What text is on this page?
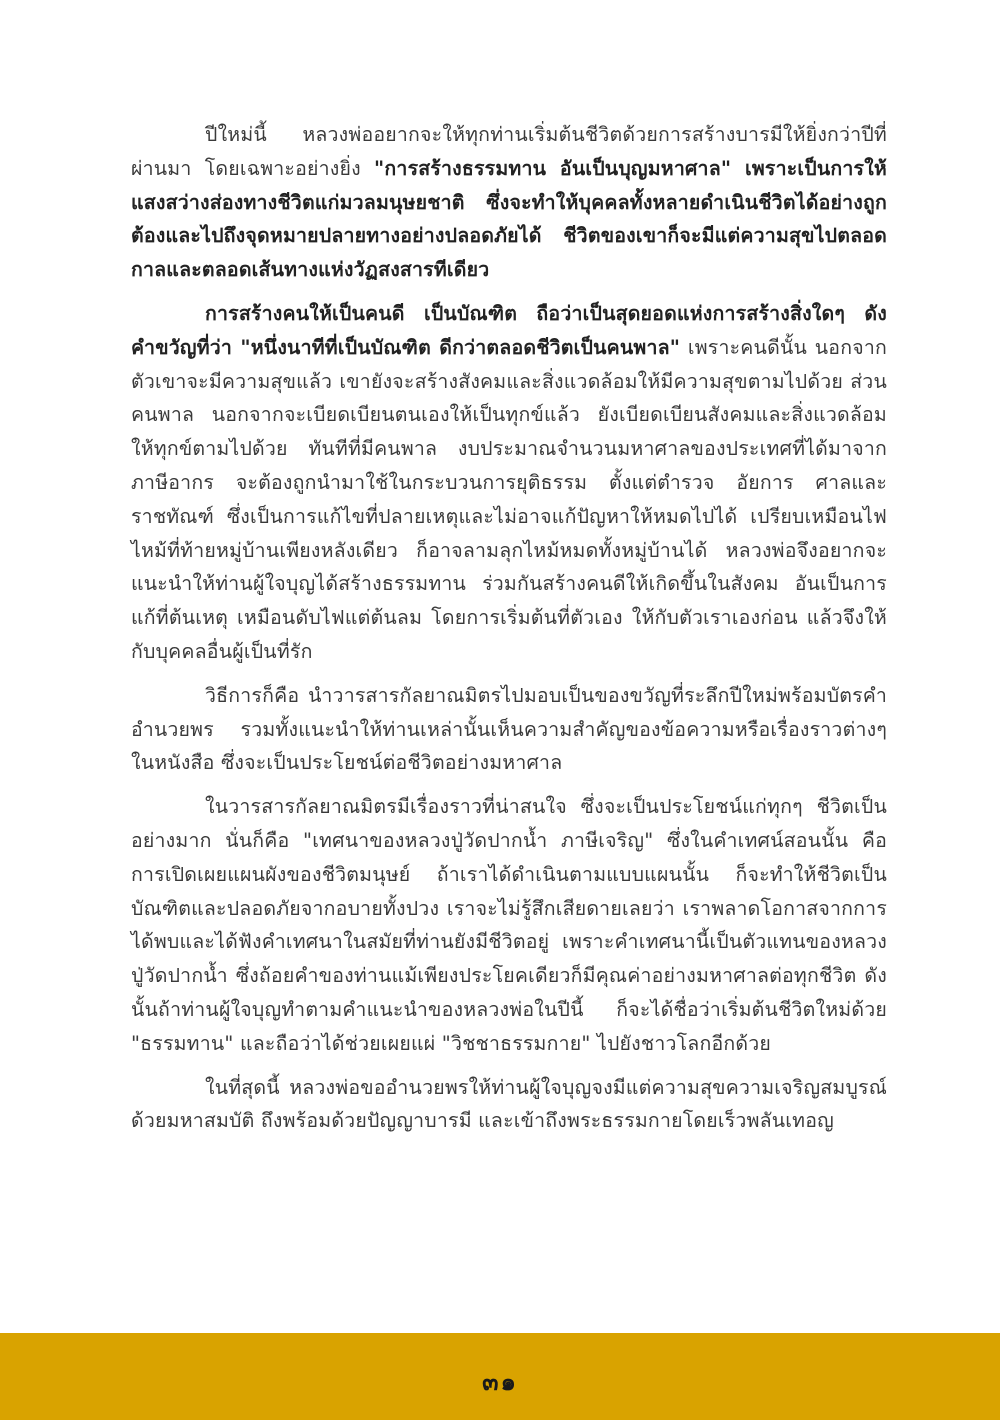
ปีใหม่นี้ หลวงพ่ออยากจะให้ทุกท่านเริ่มต้นชีวิตด้วยการสร้างบารมีให้ยิ่งกว่าปีที่ผ่านมา โดยเฉพาะอย่างยิ่ง "การสร้างธรรมทาน อันเป็นบุญมหาศาล" เพราะเป็นการให้แสงสว่างส่องทางชีวิตแก่มวลมนุษยชาติ ซึ่งจะทำให้บุคคลทั้งหลายดำเนินชีวิตได้อย่างถูกต้องและไปถึงจุดหมายปลายทางอย่างปลอดภัยได้ ชีวิตของเขาก็จะมีแต่ความสุขไปตลอดกาลและตลอดเส้นทางแห่งวัฏสงสารทีเดียว

การสร้างคนให้เป็นคนดี เป็นบัณฑิต ถือว่าเป็นสุดยอดแห่งการสร้างสิ่งใดๆ ดังคำขวัญที่ว่า "หนึ่งนาทีที่เป็นบัณฑิต ดีกว่าตลอดชีวิตเป็นคนพาล" เพราะคนดีนั้น นอกจากตัวเขาจะมีความสุขแล้ว เขายังจะสร้างสังคมและสิ่งแวดล้อมให้มีความสุขตามไปด้วย ส่วนคนพาล นอกจากจะเบียดเบียนตนเองให้เป็นทุกข์แล้ว ยังเบียดเบียนสังคมและสิ่งแวดล้อมให้ทุกข์ตามไปด้วย ทันทีที่มีคนพาล งบประมาณจำนวนมหาศาลของประเทศที่ได้มาจากภาษีอากร จะต้องถูกนำมาใช้ในกระบวนการยุติธรรม ตั้งแต่ตำรวจ อัยการ ศาลและราชทัณฑ์ ซึ่งเป็นการแก้ไขที่ปลายเหตุและไม่อาจแก้ปัญหาให้หมดไปได้ เปรียบเหมือนไฟไหม้ที่ท้ายหมู่บ้านเพียงหลังเดียว ก็อาจลามลุกไหม้หมดทั้งหมู่บ้านได้ หลวงพ่อจึงอยากจะแนะนำให้ท่านผู้ใจบุญได้สร้างธรรมทาน ร่วมกันสร้างคนดีให้เกิดขึ้นในสังคม อันเป็นการแก้ที่ต้นเหตุ เหมือนดับไฟแต่ต้นลม โดยการเริ่มต้นที่ตัวเอง ให้กับตัวเราเองก่อน แล้วจึงให้กับบุคคลอื่นผู้เป็นที่รัก

วิธีการก็คือ นำวารสารกัลยาณมิตรไปมอบเป็นของขวัญที่ระลึกปีใหม่พร้อมบัตรคำอำนวยพร รวมทั้งแนะนำให้ท่านเหล่านั้นเห็นความสำคัญของข้อความหรือเรื่องราวต่างๆ ในหนังสือ ซึ่งจะเป็นประโยชน์ต่อชีวิตอย่างมหาศาล

ในวารสารกัลยาณมิตรมีเรื่องราวที่น่าสนใจ ซึ่งจะเป็นประโยชน์แก่ทุกๆ ชีวิตเป็นอย่างมาก นั่นก็คือ "เทศนาของหลวงปู่วัดปากน้ำ ภาษีเจริญ" ซึ่งในคำเทศน์สอนนั้น คือ การเปิดเผยแผนผังของชีวิตมนุษย์ ถ้าเราได้ดำเนินตามแบบแผนนั้น ก็จะทำให้ชีวิตเป็นบัณฑิตและปลอดภัยจากอบายทั้งปวง เราจะไม่รู้สึกเสียดายเลยว่า เราพลาดโอกาสจากการได้พบและได้ฟังคำเทศนาในสมัยที่ท่านยังมีชีวิตอยู่ เพราะคำเทศนานี้เป็นตัวแทนของหลวงปู่วัดปากน้ำ ซึ่งถ้อยคำของท่านแม้เพียงประโยคเดียวก็มีคุณค่าอย่างมหาศาลต่อทุกชีวิต ดังนั้นถ้าท่านผู้ใจบุญทำตามคำแนะนำของหลวงพ่อในปีนี้ ก็จะได้ชื่อว่าเริ่มต้นชีวิตใหม่ด้วย "ธรรมทาน" และถือว่าได้ช่วยเผยแผ่ "วิชชาธรรมกาย" ไปยังชาวโลกอีกด้วย

ในที่สุดนี้ หลวงพ่อขออำนวยพรให้ท่านผู้ใจบุญจงมีแต่ความสุขความเจริญสมบูรณ์ด้วยมหาสมบัติ ถึงพร้อมด้วยปัญญาบารมี และเข้าถึงพระธรรมกายโดยเร็วพลันเทอญ

๓๑
